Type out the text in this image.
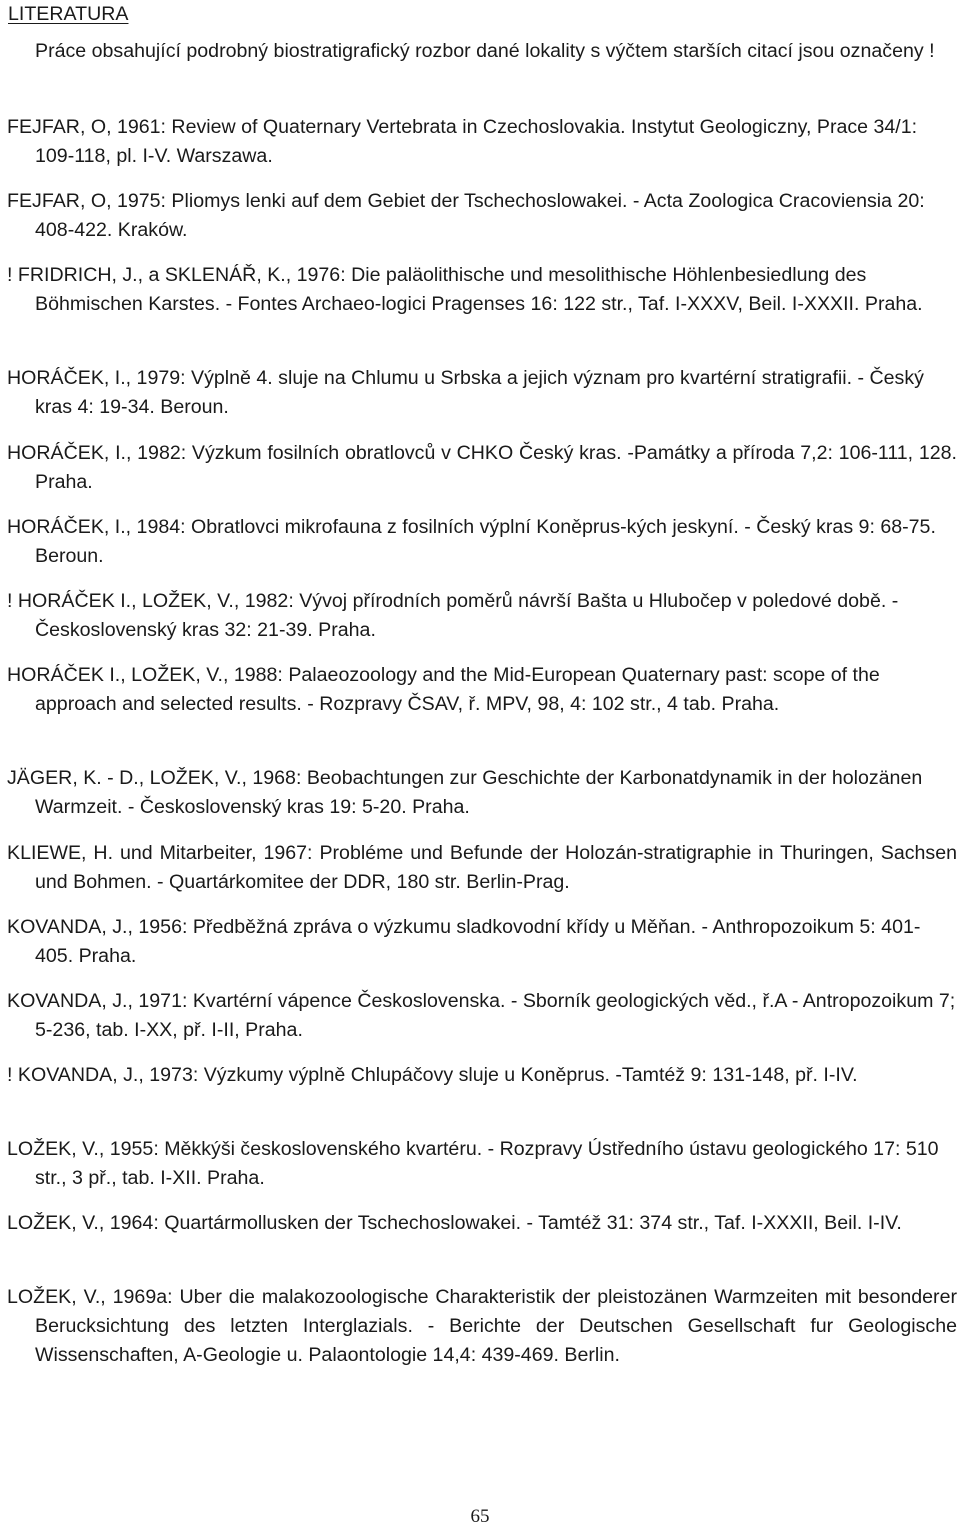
LITERATURA
Práce obsahující podrobný biostratigrafický rozbor dané lokality s výčtem starších citací jsou označeny !

FEJFAR, O, 1961: Review of Quaternary Vertebrata in Czechoslovakia. Instytut Geologiczny, Prace 34/1: 109-118, pl. I-V. Warszawa.

FEJFAR, O, 1975: Pliomys lenki auf dem Gebiet der Tschechoslowakei. - Acta Zoologica Cracoviensia 20: 408-422. Kraków.

! FRIDRICH, J., a SKLENÁŘ, K., 1976: Die paläolithische und mesolithische Höhlenbesiedlung des Böhmischen Karstes. - Fontes Archaeo-logici Pragenses 16: 122 str., Taf. I-XXXV, Beil. I-XXXII. Praha.

HORÁČEK, I., 1979: Výplně 4. sluje na Chlumu u Srbska a jejich význam pro kvartérní stratigrafii. - Český kras 4: 19-34. Beroun.

HORÁČEK, I., 1982: Výzkum fosilních obratlovců v CHKO Český kras. -Památky a příroda 7,2: 106-111, 128. Praha.

HORÁČEK, I., 1984: Obratlovci mikrofauna z fosilních výplní Koněprus-kých jeskyní. - Český kras 9: 68-75. Beroun.

! HORÁČEK I., LOŽEK, V., 1982: Vývoj přírodních poměrů návrší Bašta u Hlubočep v poledové době. - Československý kras 32: 21-39. Praha.

HORÁČEK I., LOŽEK, V., 1988: Palaeozoology and the Mid-European Quaternary past: scope of the approach and selected results. - Rozpravy ČSAV, ř. MPV, 98, 4: 102 str., 4 tab. Praha.

JÄGER, K. - D., LOŽEK, V., 1968: Beobachtungen zur Geschichte der Karbonatdynamik in der holozänen Warmzeit. - Československý kras 19: 5-20. Praha.

KLIEWE, H. und Mitarbeiter, 1967: Probléme und Befunde der Holozán-stratigraphie in Thuringen, Sachsen und Bohmen. - Quartárkomitee der DDR, 180 str. Berlin-Prag.

KOVANDA, J., 1956: Předběžná zpráva o výzkumu sladkovodní křídy u Měňan. - Anthropozoikum 5: 401-405. Praha.

KOVANDA, J., 1971: Kvartérní vápence Československa. - Sborník geologických věd., ř.A - Antropozoikum 7; 5-236, tab. I-XX, př. I-II, Praha.

! KOVANDA, J., 1973: Výzkumy výplně Chlupáčovy sluje u Koněprus. -Tamtéž 9: 131-148, př. I-IV.

LOŽEK, V., 1955: Měkkýši československého kvartéru. - Rozpravy Ústředního ústavu geologického 17: 510 str., 3 př., tab. I-XII. Praha.

LOŽEK, V., 1964: Quartármollusken der Tschechoslowakei. - Tamtéž 31: 374 str., Taf. I-XXXII, Beil. I-IV.

LOŽEK, V., 1969a: Uber die malakozoologische Charakteristik der pleistozänen Warmzeiten mit besonderer Berucksichtung des letzten Interglazials. - Berichte der Deutschen Gesellschaft fur Geologische Wissenschaften, A-Geologie u. Palaontologie 14,4: 439-469. Berlin.

65
